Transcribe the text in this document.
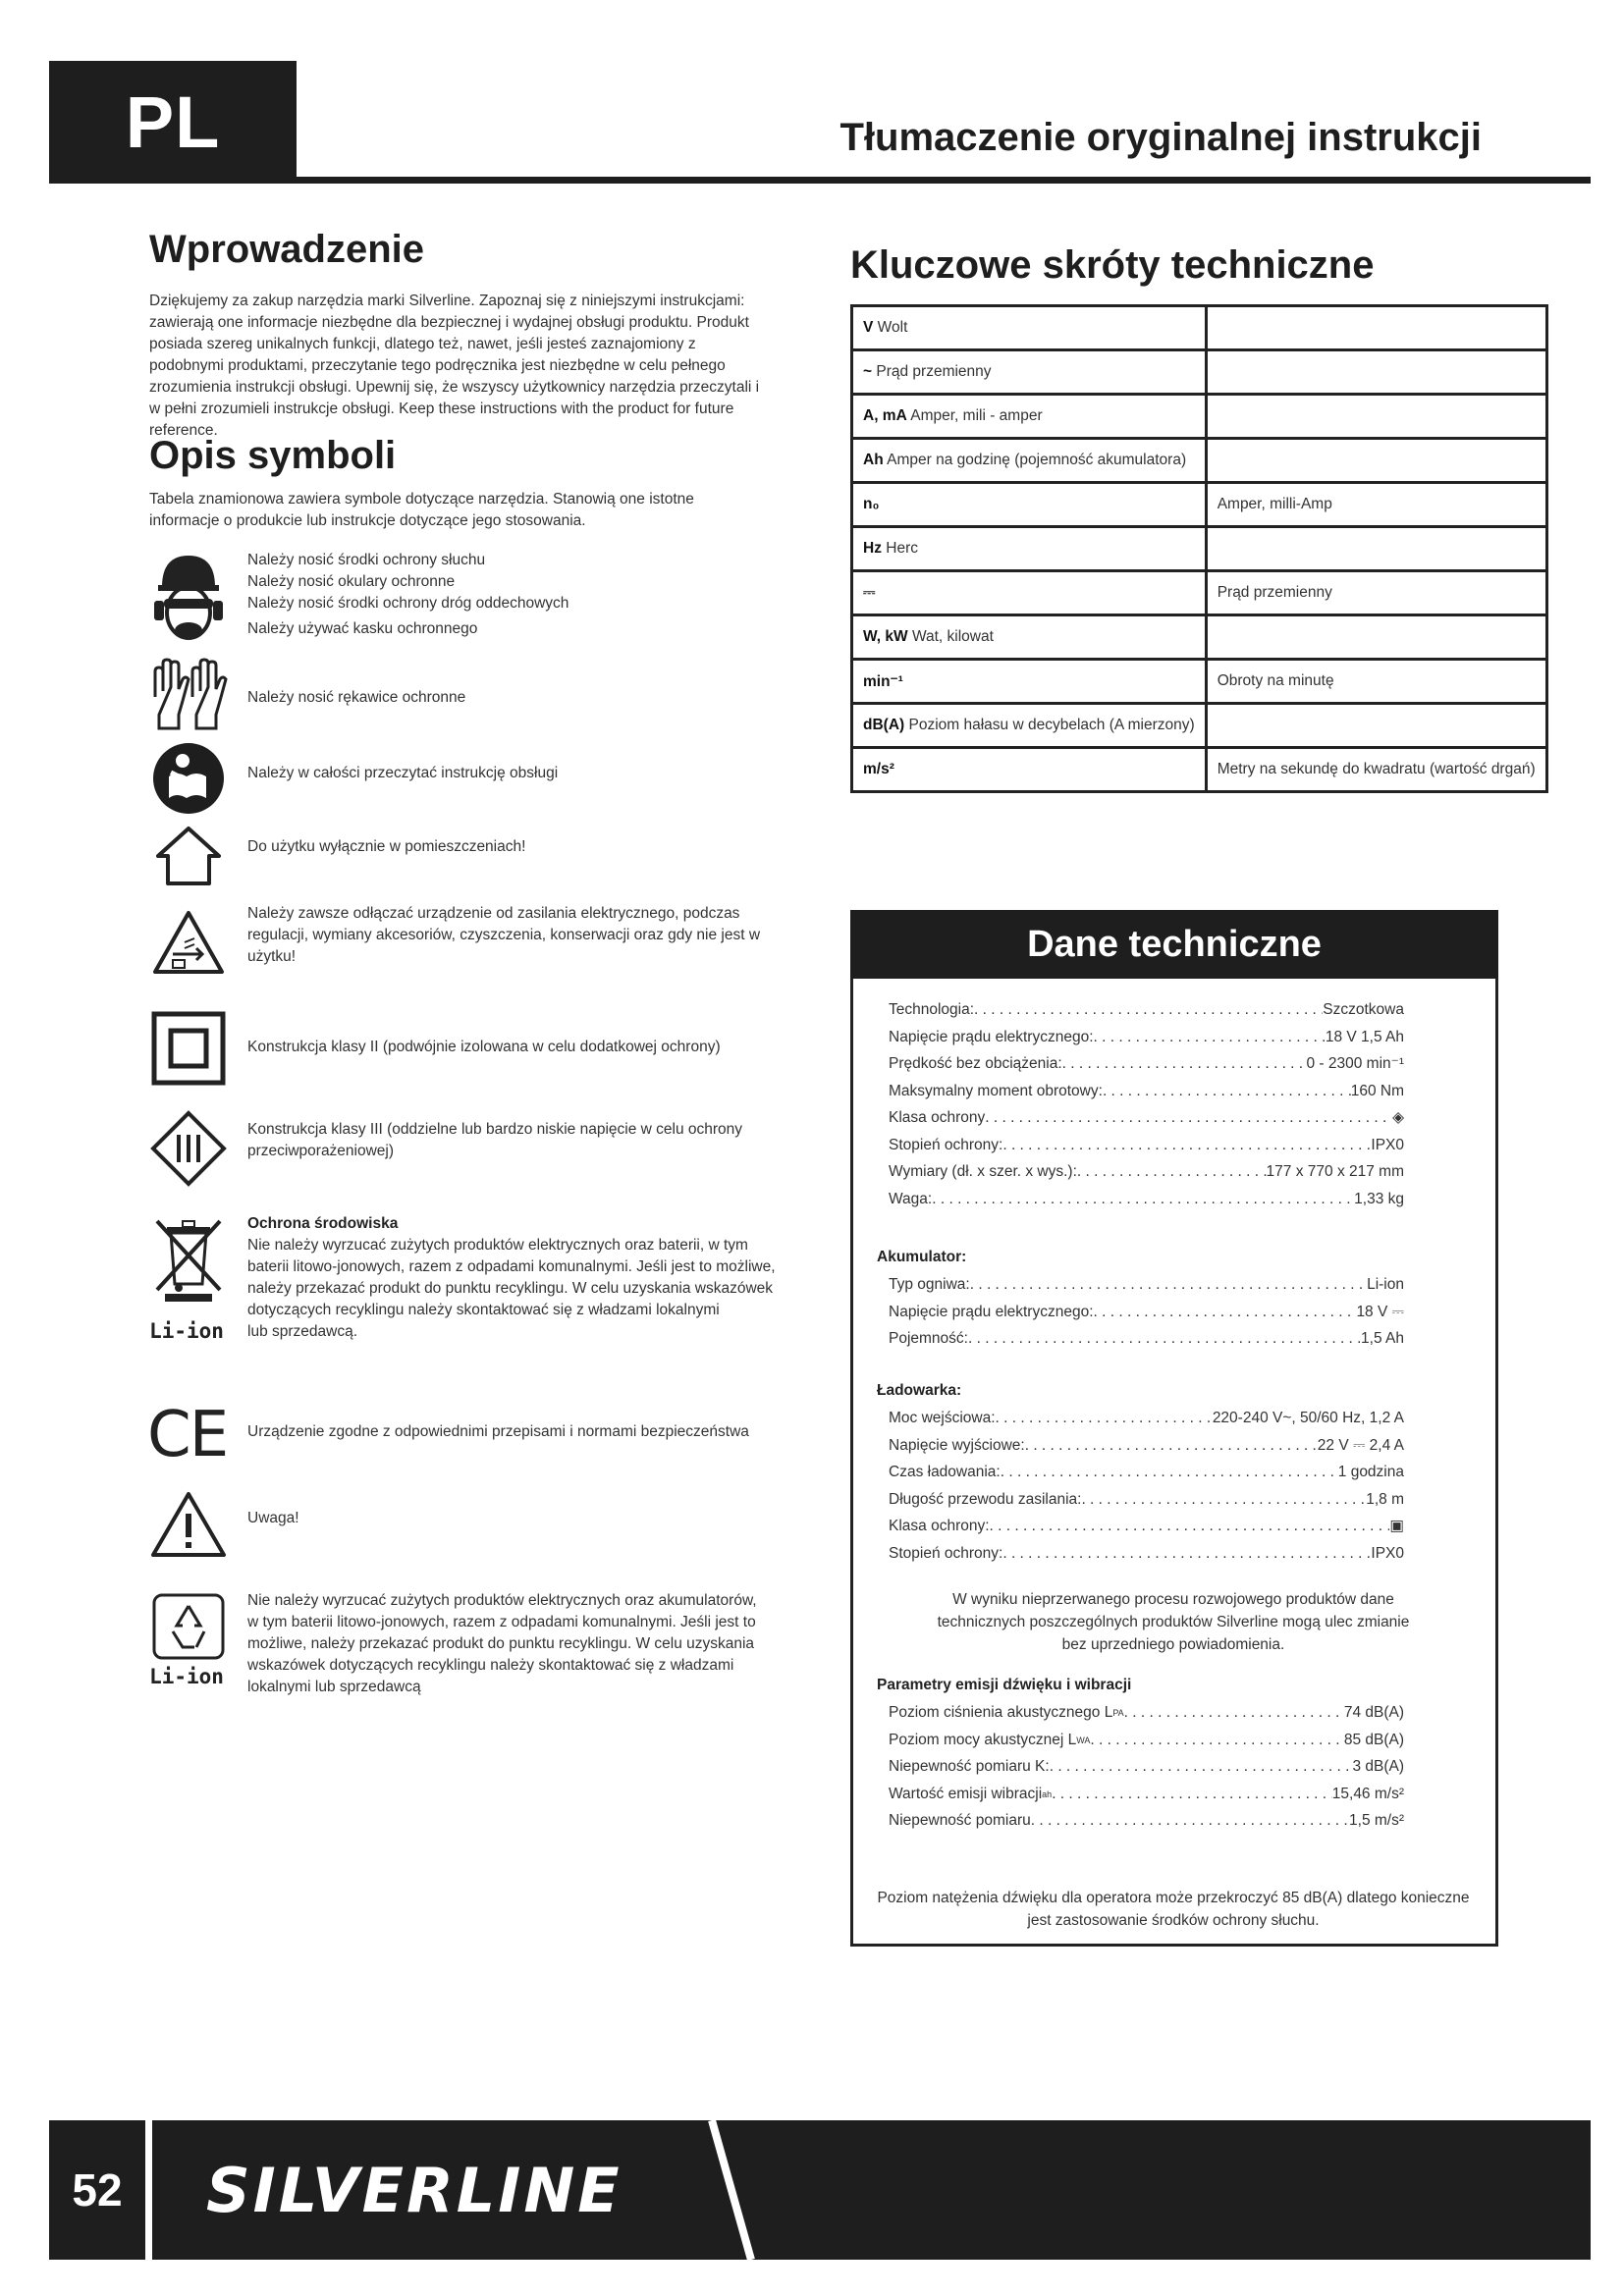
PL	Tłumaczenie oryginalnej instrukcji
Wprowadzenie
Dziękujemy za zakup narzędzia marki Silverline. Zapoznaj się z niniejszymi instrukcjami: zawierają one informacje niezbędne dla bezpiecznej i wydajnej obsługi produktu. Produkt posiada szereg unikalnych funkcji, dlatego też, nawet, jeśli jesteś zaznajomiony z podobnymi produktami, przeczytanie tego podręcznika jest niezbędne w celu pełnego zrozumienia instrukcji obsługi. Upewnij się, że wszyscy użytkownicy narzędzia przeczytali i w pełni zrozumieli instrukcje obsługi. Keep these instructions with the product for future reference.
Opis symboli
Tabela znamionowa zawiera symbole dotyczące narzędzia. Stanowią one istotne informacje o produkcie lub instrukcje dotyczące jego stosowania.
Należy nosić środki ochrony słuchu
Należy nosić okulary ochronne
Należy nosić środki ochrony dróg oddechowych
Należy używać kasku ochronnego
Należy nosić rękawice ochronne
Należy w całości przeczytać instrukcję obsługi
Do użytku wyłącznie w pomieszczeniach!
Należy zawsze odłączać urządzenie od zasilania elektrycznego, podczas
regulacji, wymiany akcesoriów, czyszczenia, konserwacji oraz gdy nie jest w
użytku!
Konstrukcja klasy II (podwójnie izolowana w celu dodatkowej ochrony)
Konstrukcja klasy III (oddzielne lub bardzo niskie napięcie w celu ochrony
przeciwporażeniowej)
Li-ion
Ochrona środowiska
Nie należy wyrzucać zużytych produktów elektrycznych oraz baterii, w tym
baterii litowo-jonowych, razem z odpadami komunalnymi. Jeśli jest to możliwe,
należy przekazać produkt do punktu recyklingu. W celu uzyskania wskazówek
dotyczących recyklingu należy skontaktować się z władzami lokalnymi
lub sprzedawcą.
CE Urządzenie zgodne z odpowiednimi przepisami i normami bezpieczeństwa
Uwaga!
Li-ion
Nie należy wyrzucać zużytych produktów elektrycznych oraz akumulatorów,
w tym baterii litowo-jonowych, razem z odpadami komunalnymi. Jeśli jest to
możliwe, należy przekazać produkt do punktu recyklingu. W celu uzyskania
wskazówek dotyczących recyklingu należy skontaktować się z władzami
lokalnymi lub sprzedawcą
Kluczowe skróty techniczne
V Wolt	
~ Prąd przemienny	
A, mA Amper, mili - amper	
Ah Amper na godzinę (pojemność akumulatora)	
n₀	Amper, milli-Amp
Hz Herc	
⎓	Prąd przemienny
W, kW Wat, kilowat	
min⁻¹	Obroty na minutę
dB(A) Poziom hałasu w decybelach (A mierzony)	
m/s²	Metry na sekundę do kwadratu (wartość drgań)
Dane techniczne
Technologia: . . .	Szczotkowa
Napięcie prądu elektrycznego: . . .	18 V 1,5 Ah
Prędkość bez obciążenia: . . .	0 - 2300 min⁻¹
Maksymalny moment obrotowy: . . .	160 Nm
Klasa ochrony . . .	◈
Stopień ochrony: . . .	IPX0
Wymiary (dł. x szer. x wys.): . . .	177 x 770 x 217 mm
Waga: . . .	1,33 kg
Typ ogniwa: . . .	Li-ion
Napięcie prądu elektrycznego: . . .	18 V ⎓
Pojemność: . . .	1,5 Ah
Moc wejściowa: . . .	220-240 V~, 50/60 Hz, 1,2 A
Napięcie wyjściowe: . . .	22 V ⎓ 2,4 A
Czas ładowania: . . .	1 godzina
Długość przewodu zasilania: . . .	1,8 m
Klasa ochrony: . . .	▣
Stopień ochrony: . . .	IPX0
Poziom ciśnienia akustycznego L PA . . .	74 dB(A)
Poziom mocy akustycznej L WA . . .	85 dB(A)
Niepewność pomiaru K: . . .	3 dB(A)
Wartość emisji wibracji ah . . .	15,46 m/s²
Niepewność pomiaru . . .	1,5 m/s²
Akumulator:
Ładowarka:
W wyniku nieprzerwanego procesu rozwojowego produktów dane technicznych poszczególnych produktów Silverline mogą ulec zmianie bez uprzedniego powiadomienia.
Parametry emisji dźwięku i wibracji
Poziom natężenia dźwięku dla operatora może przekroczyć 85 dB(A) dlatego konieczne jest zastosowanie środków ochrony słuchu.
52	SILVERLINE
